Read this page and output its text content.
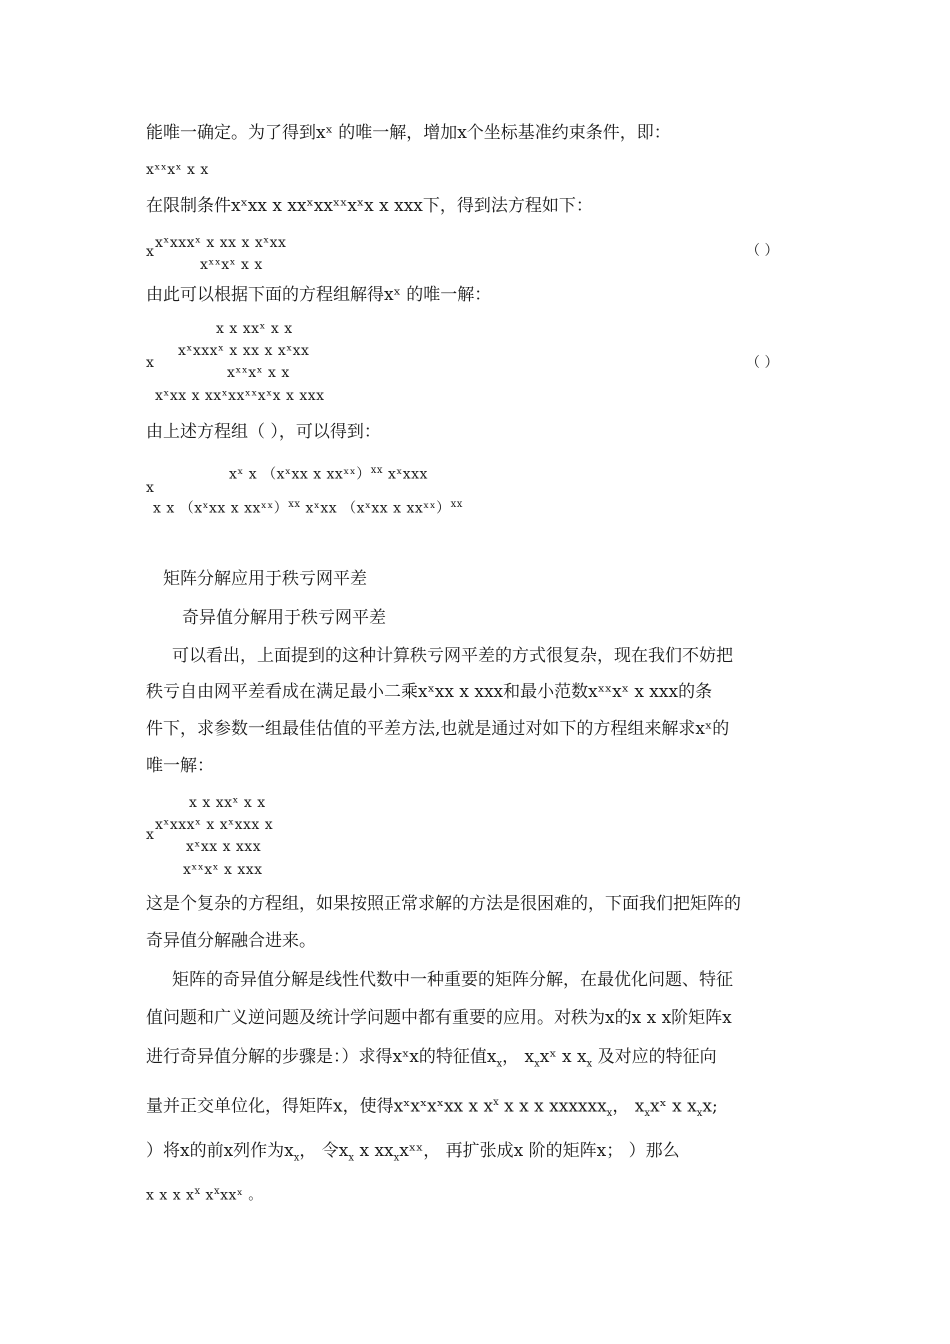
能唯一确定。为了得到xˣ 的唯一解，增加x个坐标基准约束条件，即：
xˣˣxˣ x x
在限制条件xˣxx x xxˣxxˣˣxˣx x xxx下，得到法方程如下：
x
xˣxxxˣ x xx x xˣxx
xˣˣxˣ x x
（ ）
由此可以根据下面的方程组解得xˣ 的唯一解：
x x xxˣ x x
x
xˣxxxˣ x xx x xˣxx
xˣˣxˣ x x
xˣxx x xxˣxxˣˣxˣx x xxx
（ ）
由上述方程组（ ），可以得到：
xˣ x （xˣxx x xxˣˣ）$^{xx}$ xˣxxx
x
x x （xˣxx x xxˣˣ）$^{xx}$ xˣxx （xˣxx x xxˣˣ）$^{xx}$
矩阵分解应用于秩亏网平差
奇异值分解用于秩亏网平差
可以看出，上面提到的这种计算秩亏网平差的方式很复杂，现在我们不妨把
秩亏自由网平差看成在满足最小二乘xˣxx x xxx和最小范数xˣˣxˣ x xxx的条
件下，求参数一组最佳估值的平差方法,也就是通过对如下的方程组来解求xˣ的
唯一解：
x x xxˣ x x
x
xˣxxxˣ x xˣxxx x
xˣxx x xxx
xˣˣxˣ x xxx
这是个复杂的方程组，如果按照正常求解的方法是很困难的，下面我们把矩阵的
奇异值分解融合进来。
矩阵的奇异值分解是线性代数中一种重要的矩阵分解，在最优化问题、特征
值问题和广义逆问题及统计学问题中都有重要的应用。对秩为x的x x x阶矩阵x
进行奇异值分解的步骤是：）求得xˣx的特征值$x_x$， $x_xxˣ$ x $x_x$ 及对应的特征向
量并正交单位化，得矩阵x，使得xˣxˣxˣxx x $x^x$ x x x xxxxxx$_x$， $x_xxˣ$ x $x_xx$;
）将x的前x列作为$x_x$， 令$x_x$ x $xx_xxˣˣ$， 再扩张成x 阶的矩阵x； ）那么
x x x $x^x$ $x^xxxˣ$ 。
